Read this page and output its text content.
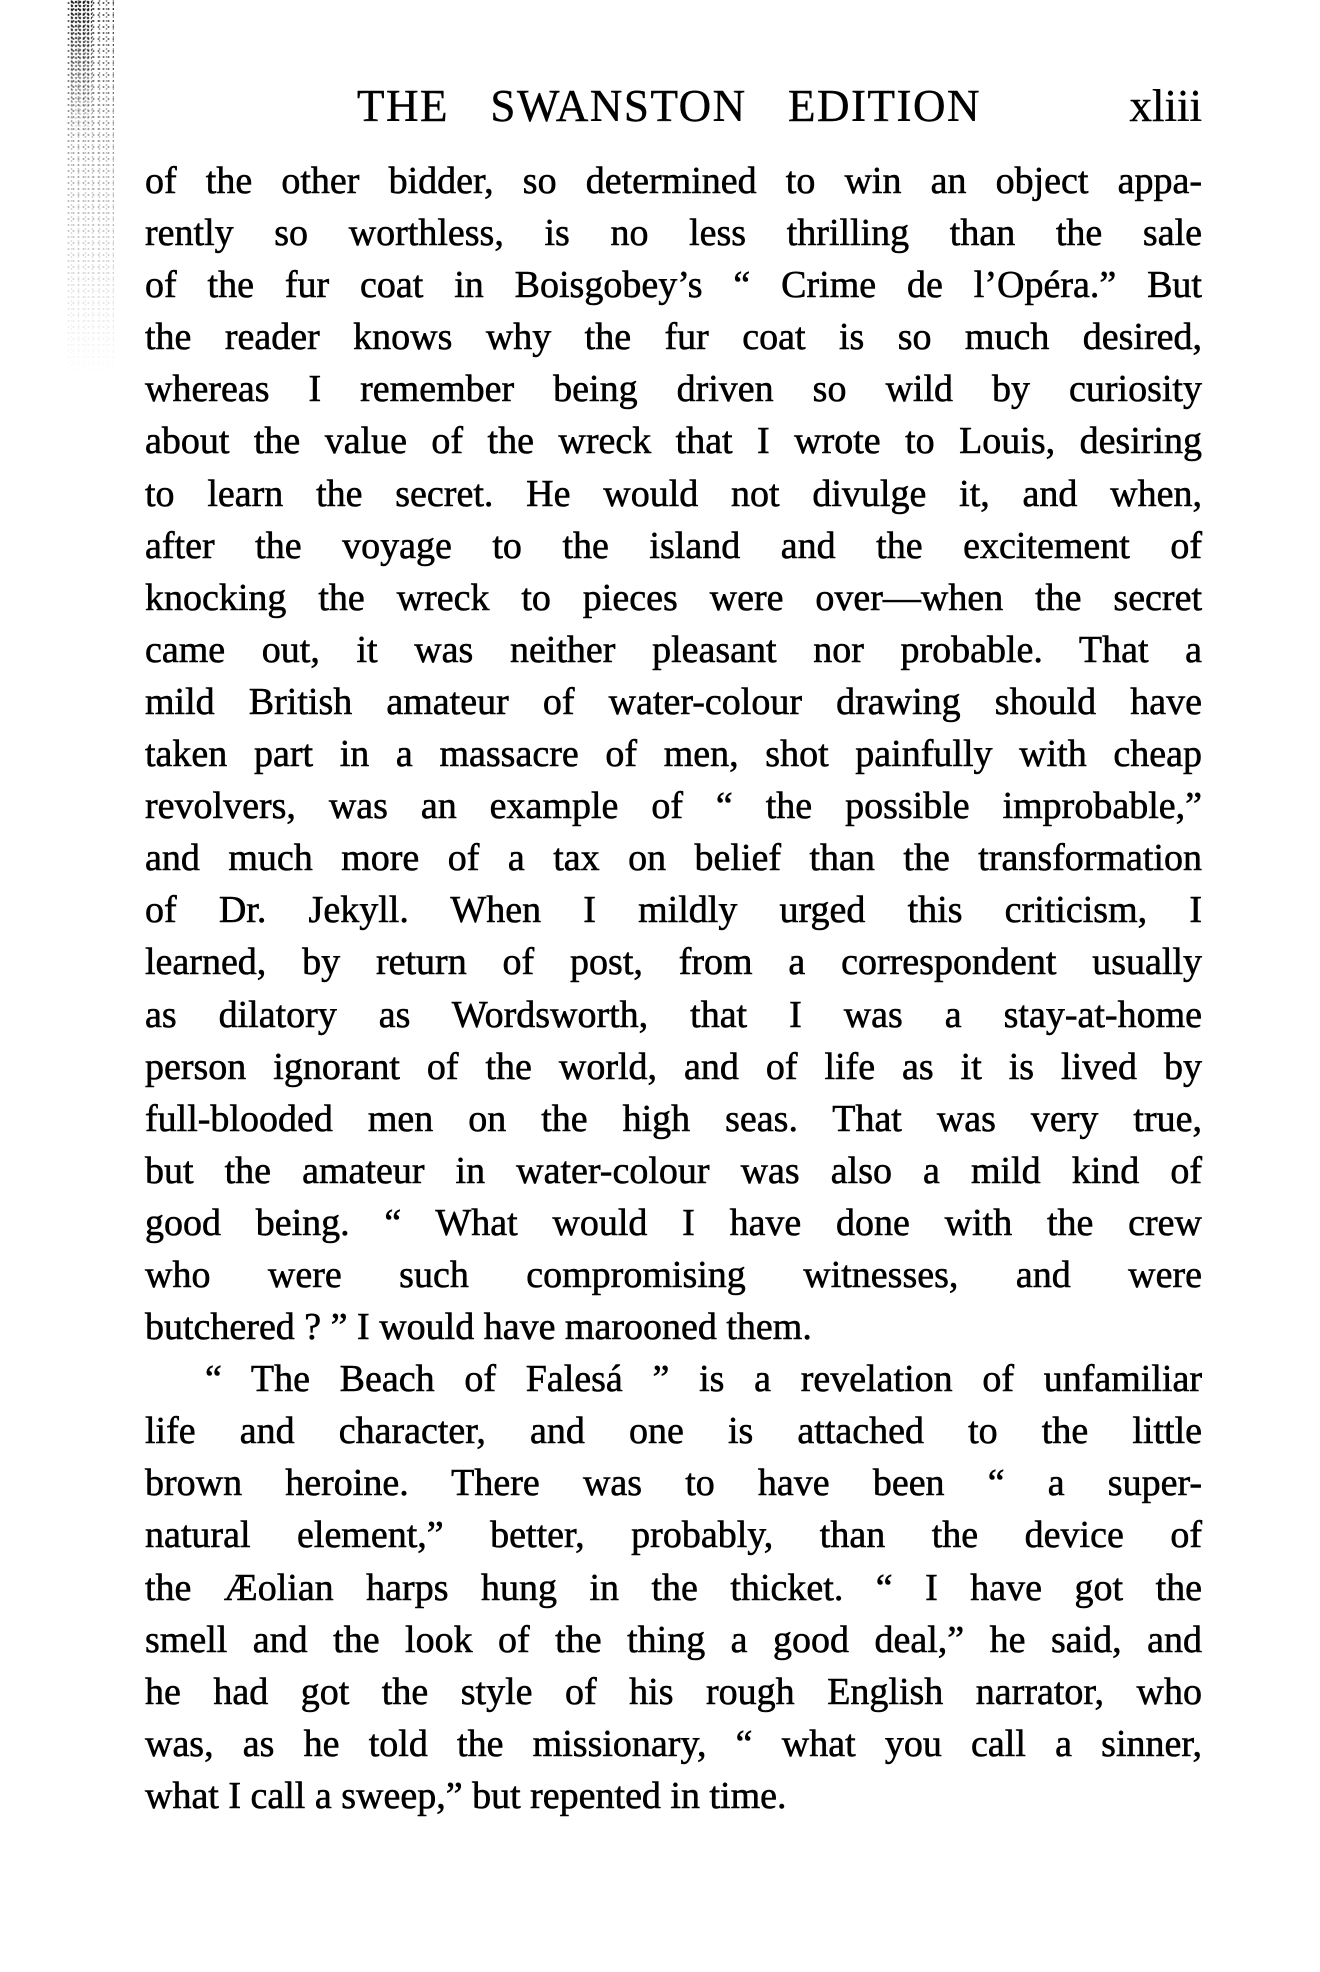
THE SWANSTON EDITION	xliii
of the other bidder, so determined to win an object appa-
rently so worthless, is no less thrilling than the sale
of the fur coat in Boisgobey’s “ Crime de l’Opéra.” But
the reader knows why the fur coat is so much desired,
whereas I remember being driven so wild by curiosity
about the value of the wreck that I wrote to Louis, desiring
to learn the secret. He would not divulge it, and when,
after the voyage to the island and the excitement of
knocking the wreck to pieces were over—when the secret
came out, it was neither pleasant nor probable. That a
mild British amateur of water-colour drawing should have
taken part in a massacre of men, shot painfully with cheap
revolvers, was an example of “ the possible improbable,”
and much more of a tax on belief than the transformation
of Dr. Jekyll. When I mildly urged this criticism, I
learned, by return of post, from a correspondent usually
as dilatory as Wordsworth, that I was a stay-at-home
person ignorant of the world, and of life as it is lived by
full-blooded men on the high seas. That was very true,
but the amateur in water-colour was also a mild kind of
good being. “ What would I have done with the crew
who were such compromising witnesses, and were
butchered ? ” I would have marooned them.
“ The Beach of Falesá ” is a revelation of unfamiliar
life and character, and one is attached to the little
brown heroine. There was to have been “ a super-
natural element,” better, probably, than the device of
the Æolian harps hung in the thicket. “ I have got the
smell and the look of the thing a good deal,” he said, and
he had got the style of his rough English narrator, who
was, as he told the missionary, “ what you call a sinner,
what I call a sweep,” but repented in time.
